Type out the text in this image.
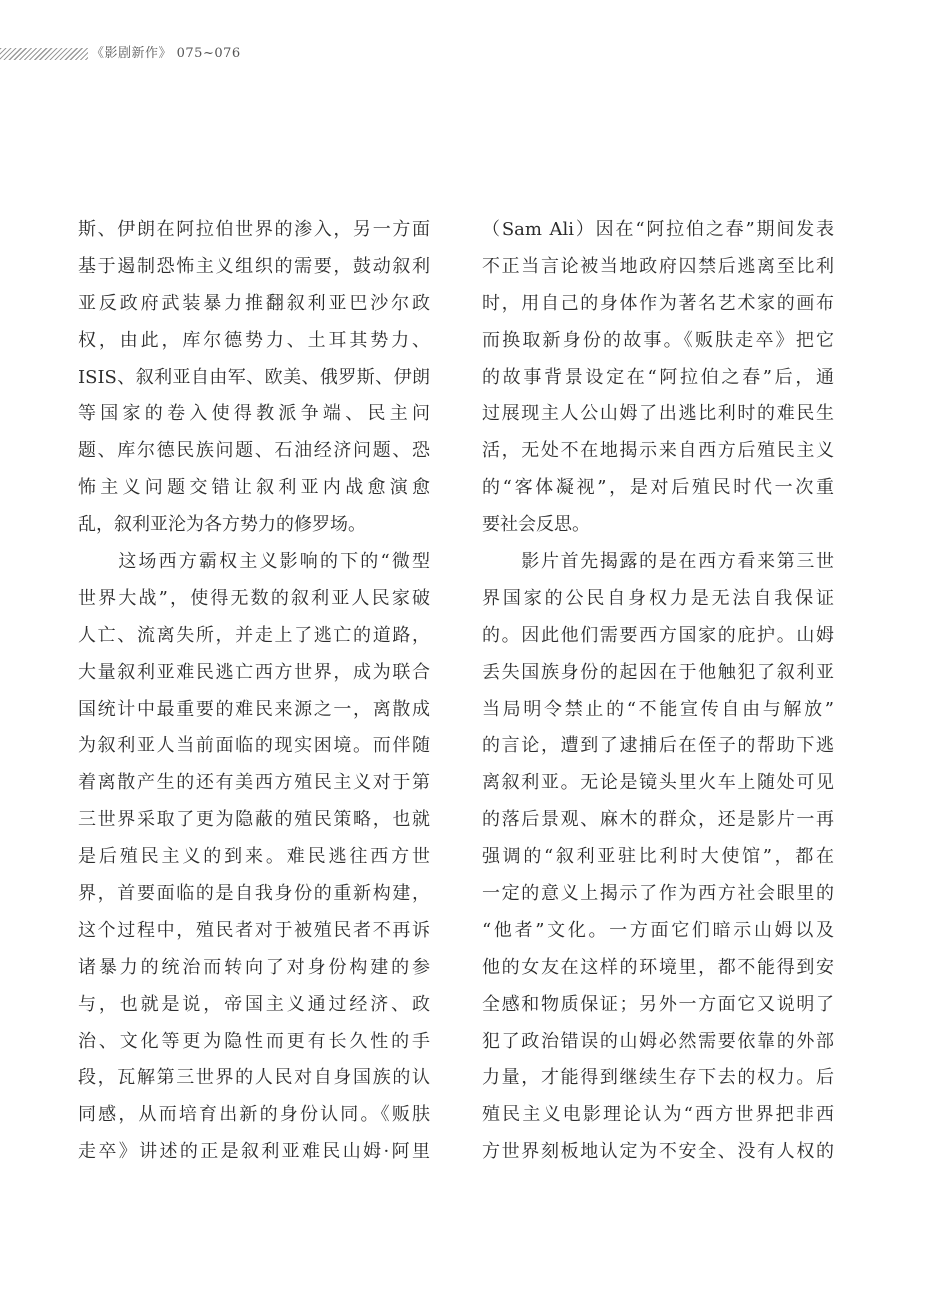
《影剧新作》 075~076
斯、伊朗在阿拉伯世界的渗入，另一方面
基于遏制恐怖主义组织的需要，鼓动叙利
亚反政府武装暴力推翻叙利亚巴沙尔政
权，由此，库尔德势力、土耳其势力、
ISIS、叙利亚自由军、欧美、俄罗斯、伊朗
等国家的卷入使得教派争端、民主问
题、库尔德民族问题、石油经济问题、恐
怖主义问题交错让叙利亚内战愈演愈
乱，叙利亚沦为各方势力的修罗场。
　　这场西方霸权主义影响的下的“微型
世界大战”，使得无数的叙利亚人民家破
人亡、流离失所，并走上了逃亡的道路，
大量叙利亚难民逃亡西方世界，成为联合
国统计中最重要的难民来源之一，离散成
为叙利亚人当前面临的现实困境。而伴随
着离散产生的还有美西方殖民主义对于第
三世界采取了更为隐蔽的殖民策略，也就
是后殖民主义的到来。难民逃往西方世
界，首要面临的是自我身份的重新构建，
这个过程中，殖民者对于被殖民者不再诉
诸暴力的统治而转向了对身份构建的参
与，也就是说，帝国主义通过经济、政
治、文化等更为隐性而更有长久性的手
段，瓦解第三世界的人民对自身国族的认
同感，从而培育出新的身份认同。《贩肤
走卒》讲述的正是叙利亚难民山姆·阿里
（Sam Ali）因在“阿拉伯之春”期间发表
不正当言论被当地政府囚禁后逃离至比利
时，用自己的身体作为著名艺术家的画布
而换取新身份的故事。《贩肤走卒》把它
的故事背景设定在“阿拉伯之春”后，通
过展现主人公山姆了出逃比利时的难民生
活，无处不在地揭示来自西方后殖民主义
的“客体凝视”，是对后殖民时代一次重
要社会反思。
　　影片首先揭露的是在西方看来第三世
界国家的公民自身权力是无法自我保证
的。因此他们需要西方国家的庇护。山姆
丢失国族身份的起因在于他触犯了叙利亚
当局明令禁止的“不能宣传自由与解放”
的言论，遭到了逮捕后在侄子的帮助下逃
离叙利亚。无论是镜头里火车上随处可见
的落后景观、麻木的群众，还是影片一再
强调的“叙利亚驻比利时大使馆”，都在
一定的意义上揭示了作为西方社会眼里的
“他者”文化。一方面它们暗示山姆以及
他的女友在这样的环境里，都不能得到安
全感和物质保证；另外一方面它又说明了
犯了政治错误的山姆必然需要依靠的外部
力量，才能得到继续生存下去的权力。后
殖民主义电影理论认为“西方世界把非西
方世界刻板地认定为不安全、没有人权的
